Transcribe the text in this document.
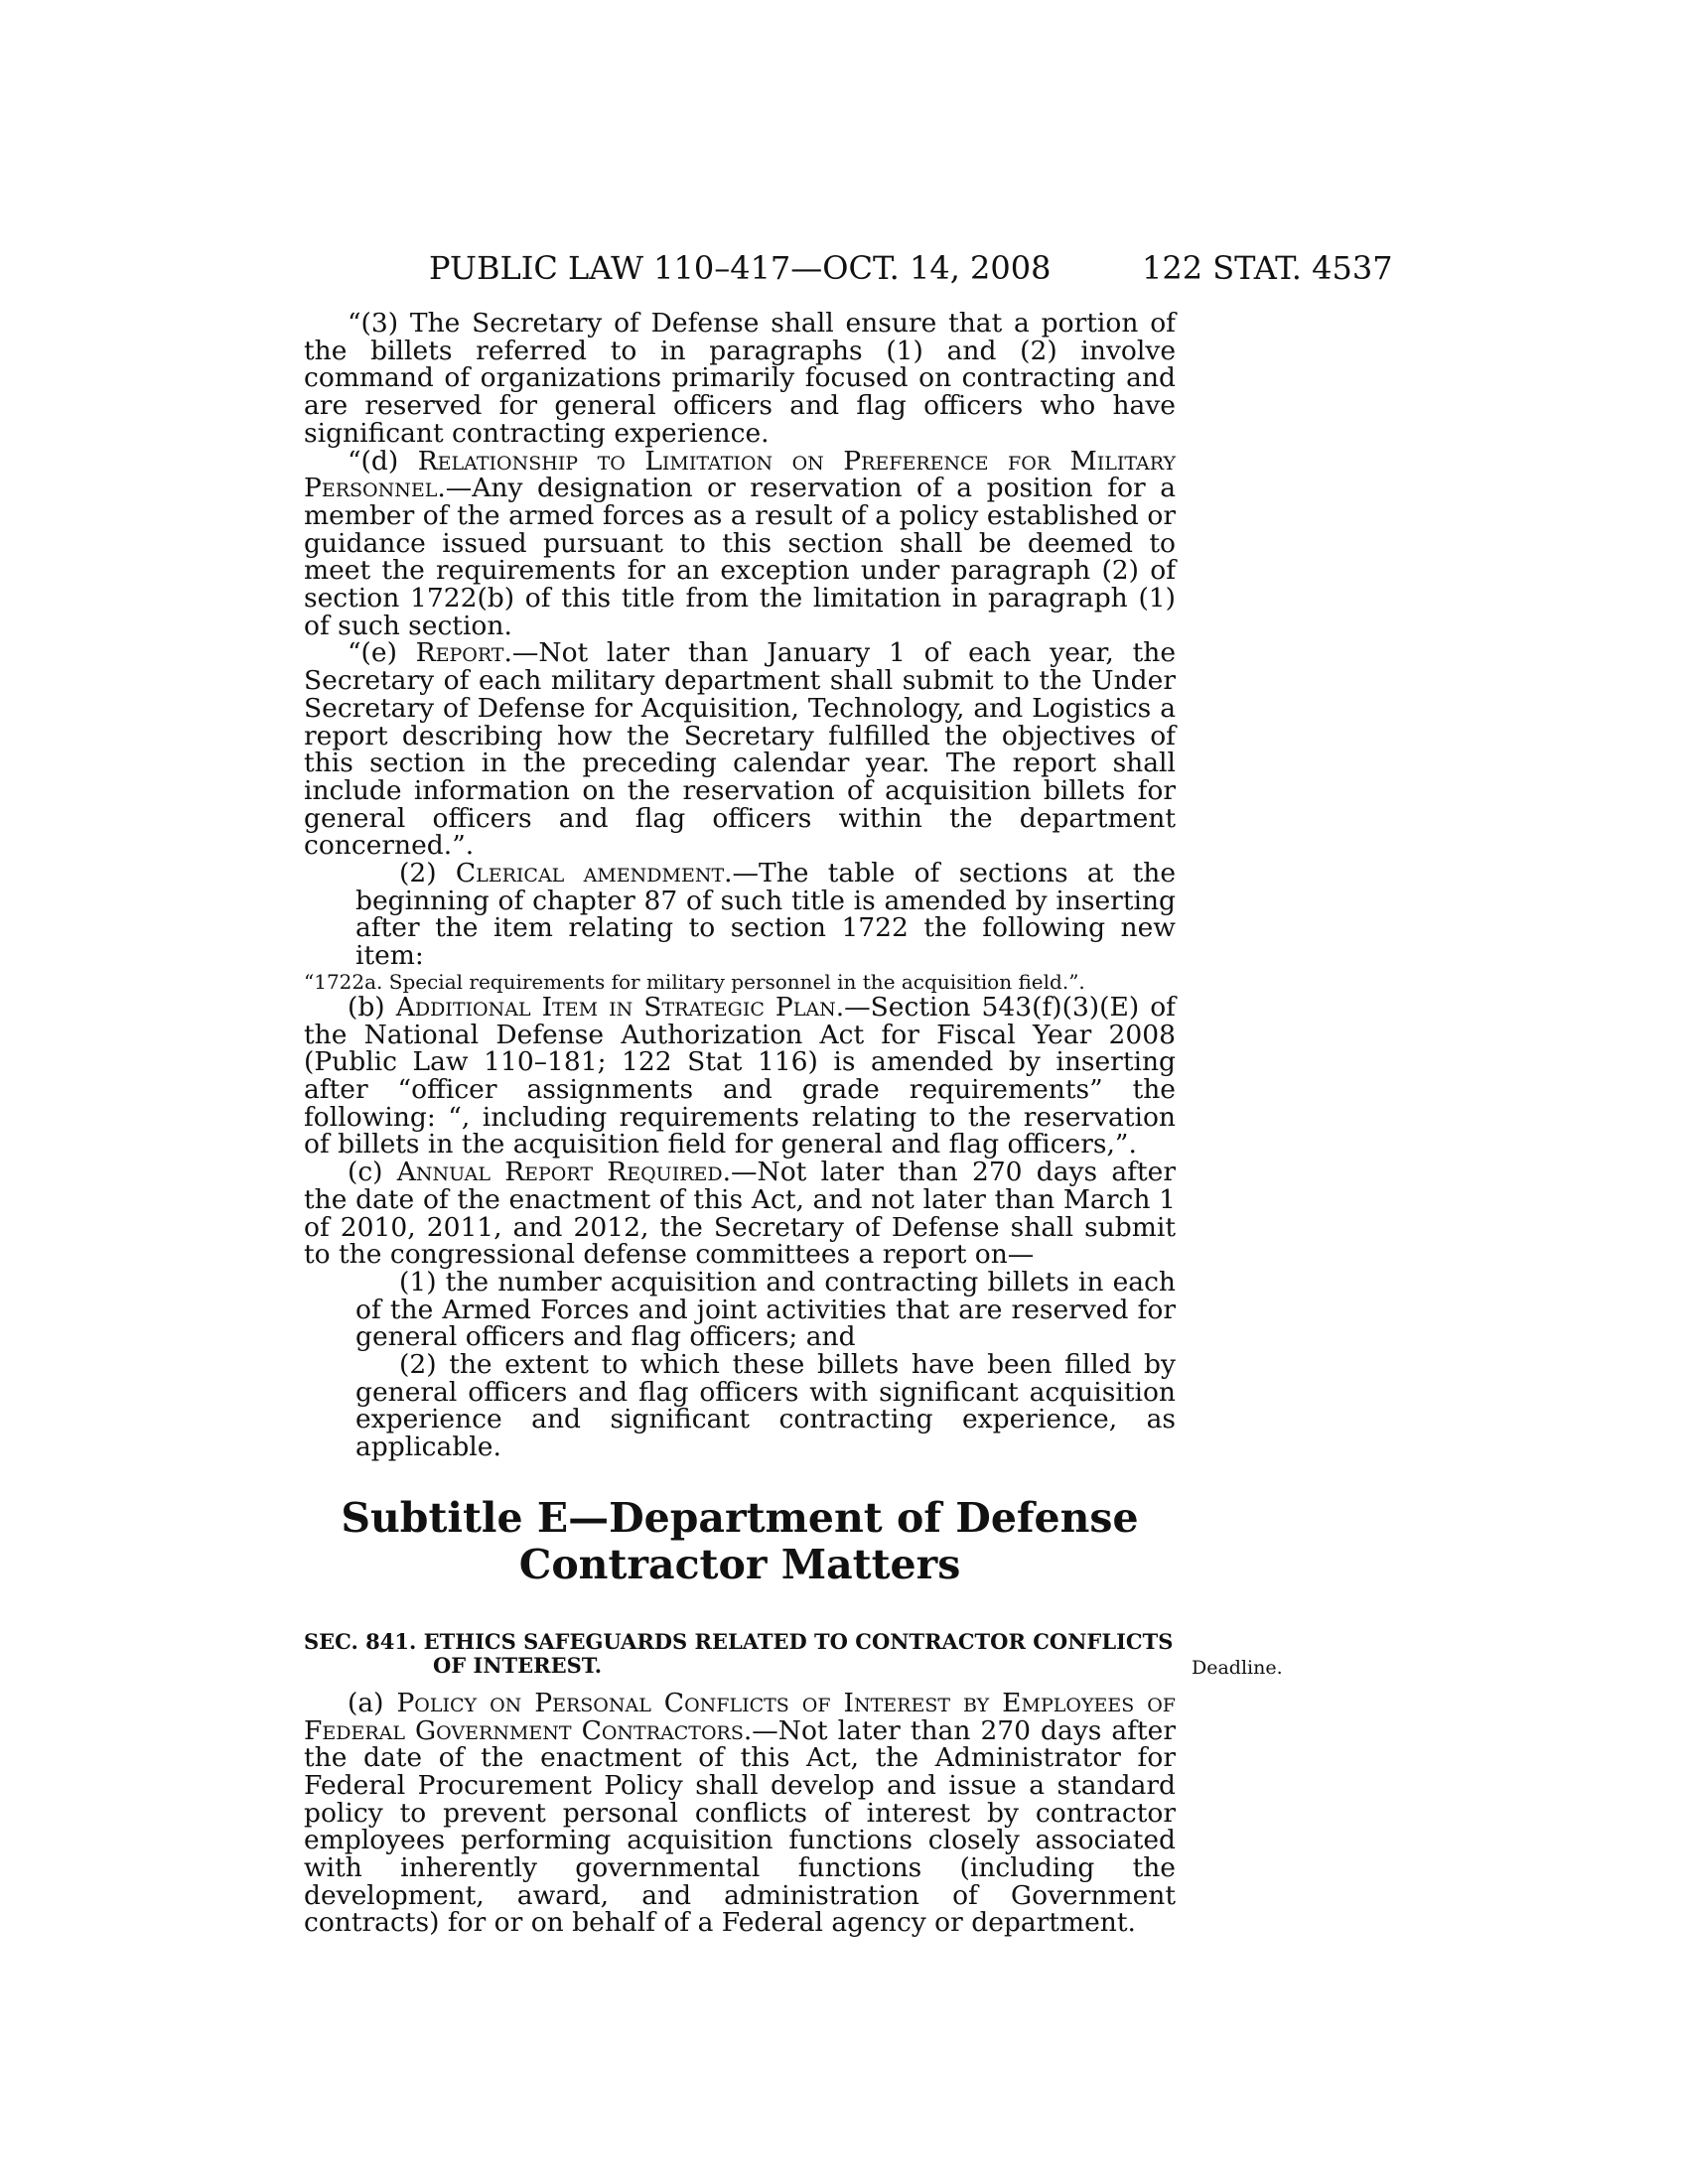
PUBLIC LAW 110–417—OCT. 14, 2008	122 STAT. 4537

“(3) The Secretary of Defense shall ensure that a portion of the billets referred to in paragraphs (1) and (2) involve command of organizations primarily focused on contracting and are reserved for general officers and flag officers who have significant contracting experience.

“(d) Relationship to Limitation on Preference for Military Personnel.—Any designation or reservation of a position for a member of the armed forces as a result of a policy established or guidance issued pursuant to this section shall be deemed to meet the requirements for an exception under paragraph (2) of section 1722(b) of this title from the limitation in paragraph (1) of such section.

“(e) Report.—Not later than January 1 of each year, the Secretary of each military department shall submit to the Under Secretary of Defense for Acquisition, Technology, and Logistics a report describing how the Secretary fulfilled the objectives of this section in the preceding calendar year. The report shall include information on the reservation of acquisition billets for general officers and flag officers within the department concerned.”.

(2) Clerical amendment.—The table of sections at the beginning of chapter 87 of such title is amended by inserting after the item relating to section 1722 the following new item:

“1722a. Special requirements for military personnel in the acquisition field.”.

(b) Additional Item in Strategic Plan.—Section 543(f)(3)(E) of the National Defense Authorization Act for Fiscal Year 2008 (Public Law 110–181; 122 Stat 116) is amended by inserting after “officer assignments and grade requirements” the following: “, including requirements relating to the reservation of billets in the acquisition field for general and flag officers,”.

(c) Annual Report Required.—Not later than 270 days after the date of the enactment of this Act, and not later than March 1 of 2010, 2011, and 2012, the Secretary of Defense shall submit to the congressional defense committees a report on—

(1) the number acquisition and contracting billets in each of the Armed Forces and joint activities that are reserved for general officers and flag officers; and

(2) the extent to which these billets have been filled by general officers and flag officers with significant acquisition experience and significant contracting experience, as applicable.

Subtitle E—Department of Defense
Contractor Matters
SEC. 841. ETHICS SAFEGUARDS RELATED TO CONTRACTOR CONFLICTS
OF INTEREST.

(a) Policy on Personal Conflicts of Interest by Employees of Federal Government Contractors.—Not later than 270 days after the date of the enactment of this Act, the Administrator for Federal Procurement Policy shall develop and issue a standard policy to prevent personal conflicts of interest by contractor employees performing acquisition functions closely associated with inherently governmental functions (including the development, award, and administration of Government contracts) for or on behalf of a Federal agency or department.

Deadline.
